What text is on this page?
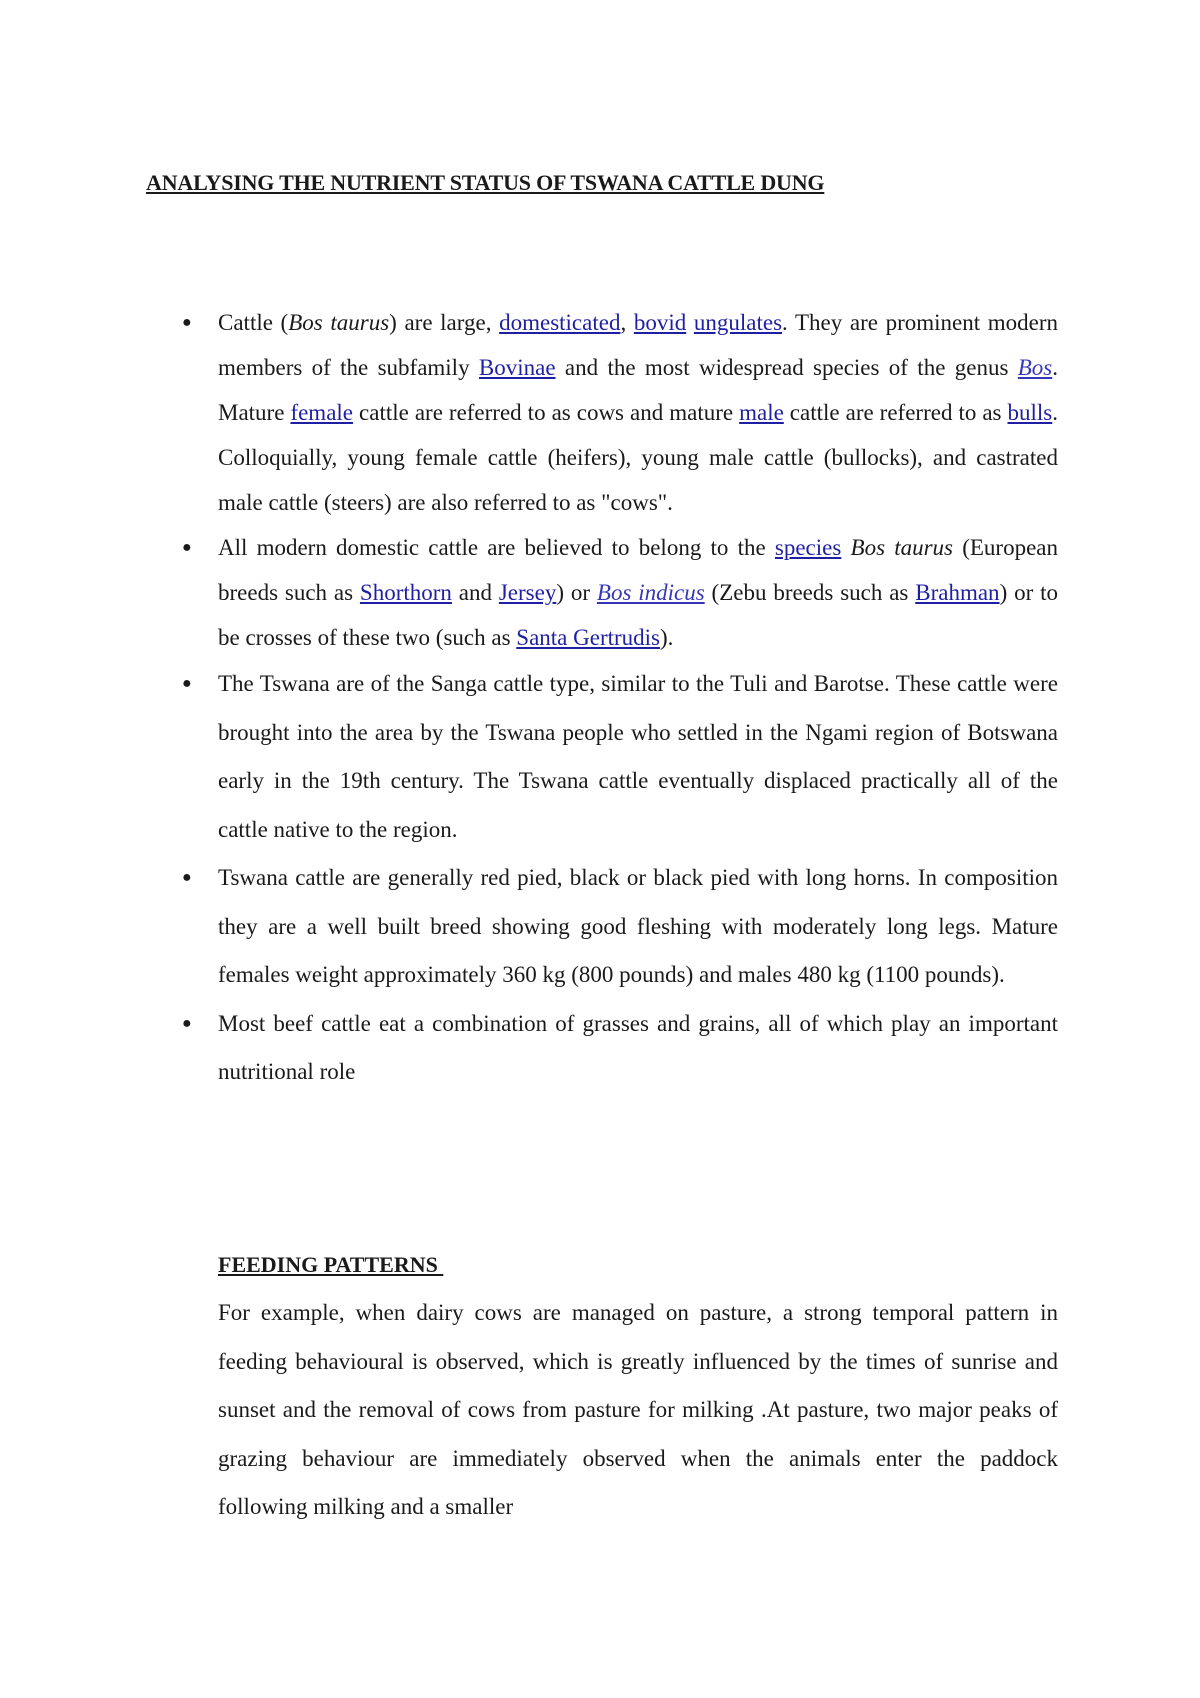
ANALYSING THE NUTRIENT STATUS OF TSWANA CATTLE DUNG
● Cattle (Bos taurus) are large, domesticated, bovid ungulates. They are prominent modern members of the subfamily Bovinae and the most widespread species of the genus Bos. Mature female cattle are referred to as cows and mature male cattle are referred to as bulls. Colloquially, young female cattle (heifers), young male cattle (bullocks), and castrated male cattle (steers) are also referred to as "cows".
● All modern domestic cattle are believed to belong to the species Bos taurus (European breeds such as Shorthorn and Jersey) or Bos indicus (Zebu breeds such as Brahman) or to be crosses of these two (such as Santa Gertrudis).
● The Tswana are of the Sanga cattle type, similar to the Tuli and Barotse. These cattle were brought into the area by the Tswana people who settled in the Ngami region of Botswana early in the 19th century. The Tswana cattle eventually displaced practically all of the cattle native to the region.
● Tswana cattle are generally red pied, black or black pied with long horns. In composition they are a well built breed showing good fleshing with moderately long legs. Mature females weight approximately 360 kg (800 pounds) and males 480 kg (1100 pounds).
● Most beef cattle eat a combination of grasses and grains, all of which play an important nutritional role
FEEDING PATTERNS

For example, when dairy cows are managed on pasture, a strong temporal pattern in feeding behavioural is observed, which is greatly influenced by the times of sunrise and sunset and the removal of cows from pasture for milking .At pasture, two major peaks of grazing behaviour are immediately observed when the animals enter the paddock following milking and a smaller
